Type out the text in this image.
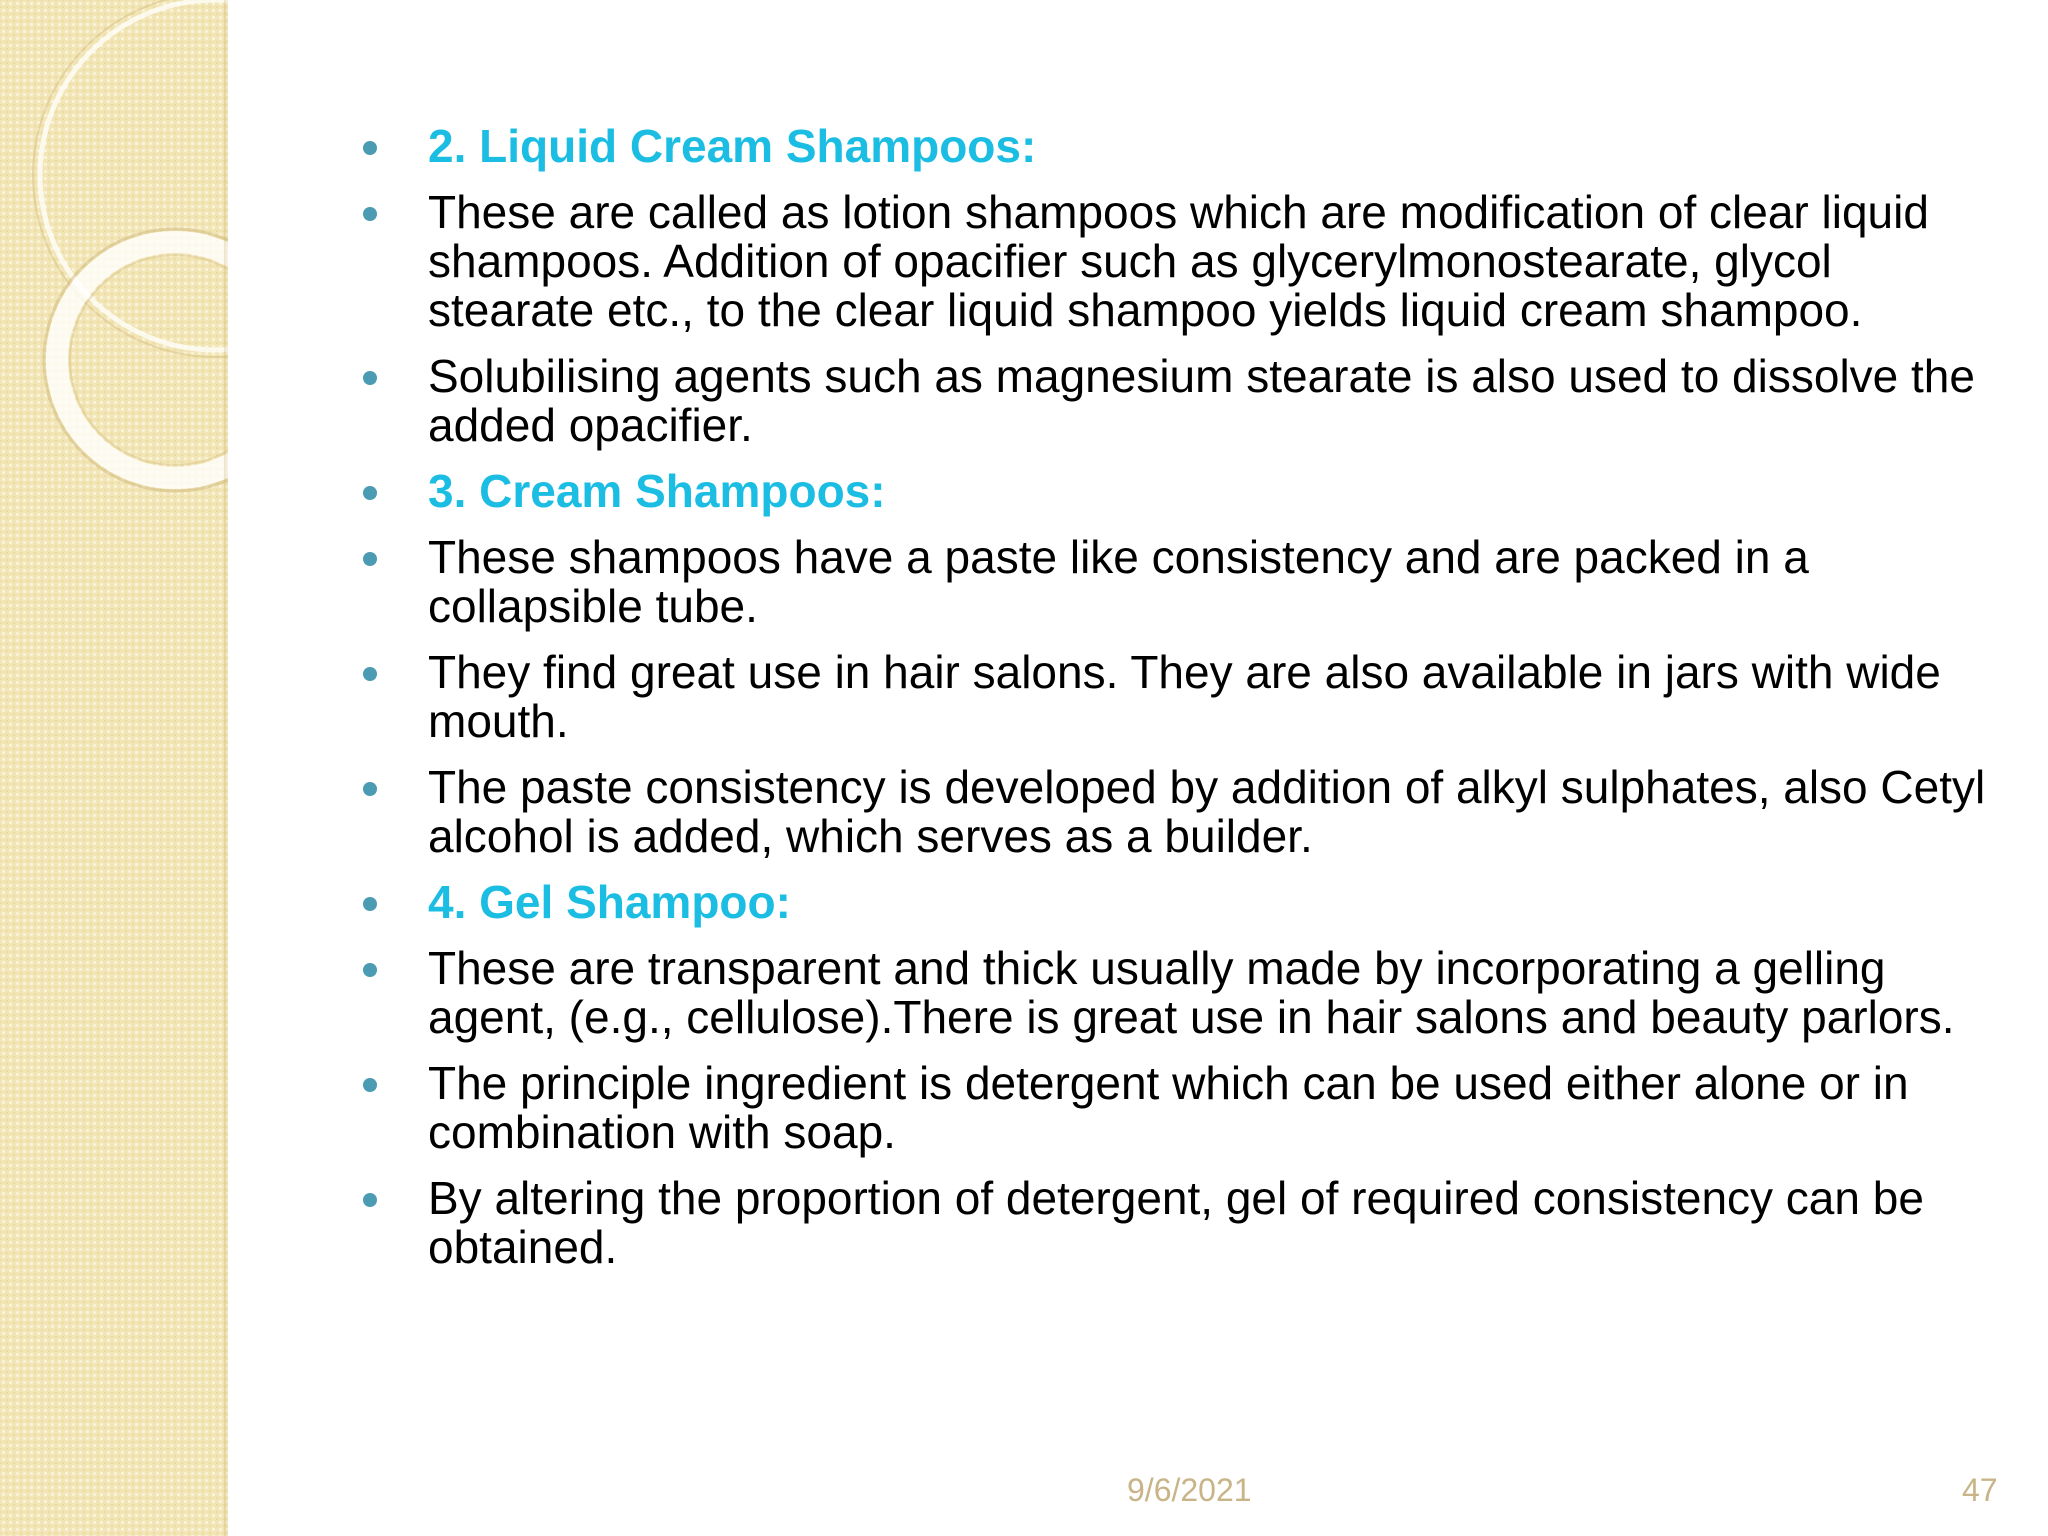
2. Liquid Cream Shampoos:
These are called as lotion shampoos which are modification of clear liquid shampoos. Addition of opacifier such as glycerylmonostearate, glycol stearate etc., to the clear liquid shampoo yields liquid cream shampoo.
Solubilising agents such as magnesium stearate is also used to dissolve the added opacifier.
3. Cream Shampoos:
These shampoos have a paste like consistency and are packed in a collapsible tube.
They find great use in hair salons. They are also available in jars with wide mouth.
The paste consistency is developed by addition of alkyl sulphates, also Cetyl alcohol is added, which serves as a builder.
4. Gel Shampoo:
These are transparent and thick usually made by incorporating a gelling agent, (e.g., cellulose).There is great use in hair salons and beauty parlors.
The principle ingredient is detergent which can be used either alone or in combination with soap.
By altering the proportion of detergent, gel of required consistency can be obtained.
9/6/2021	47
